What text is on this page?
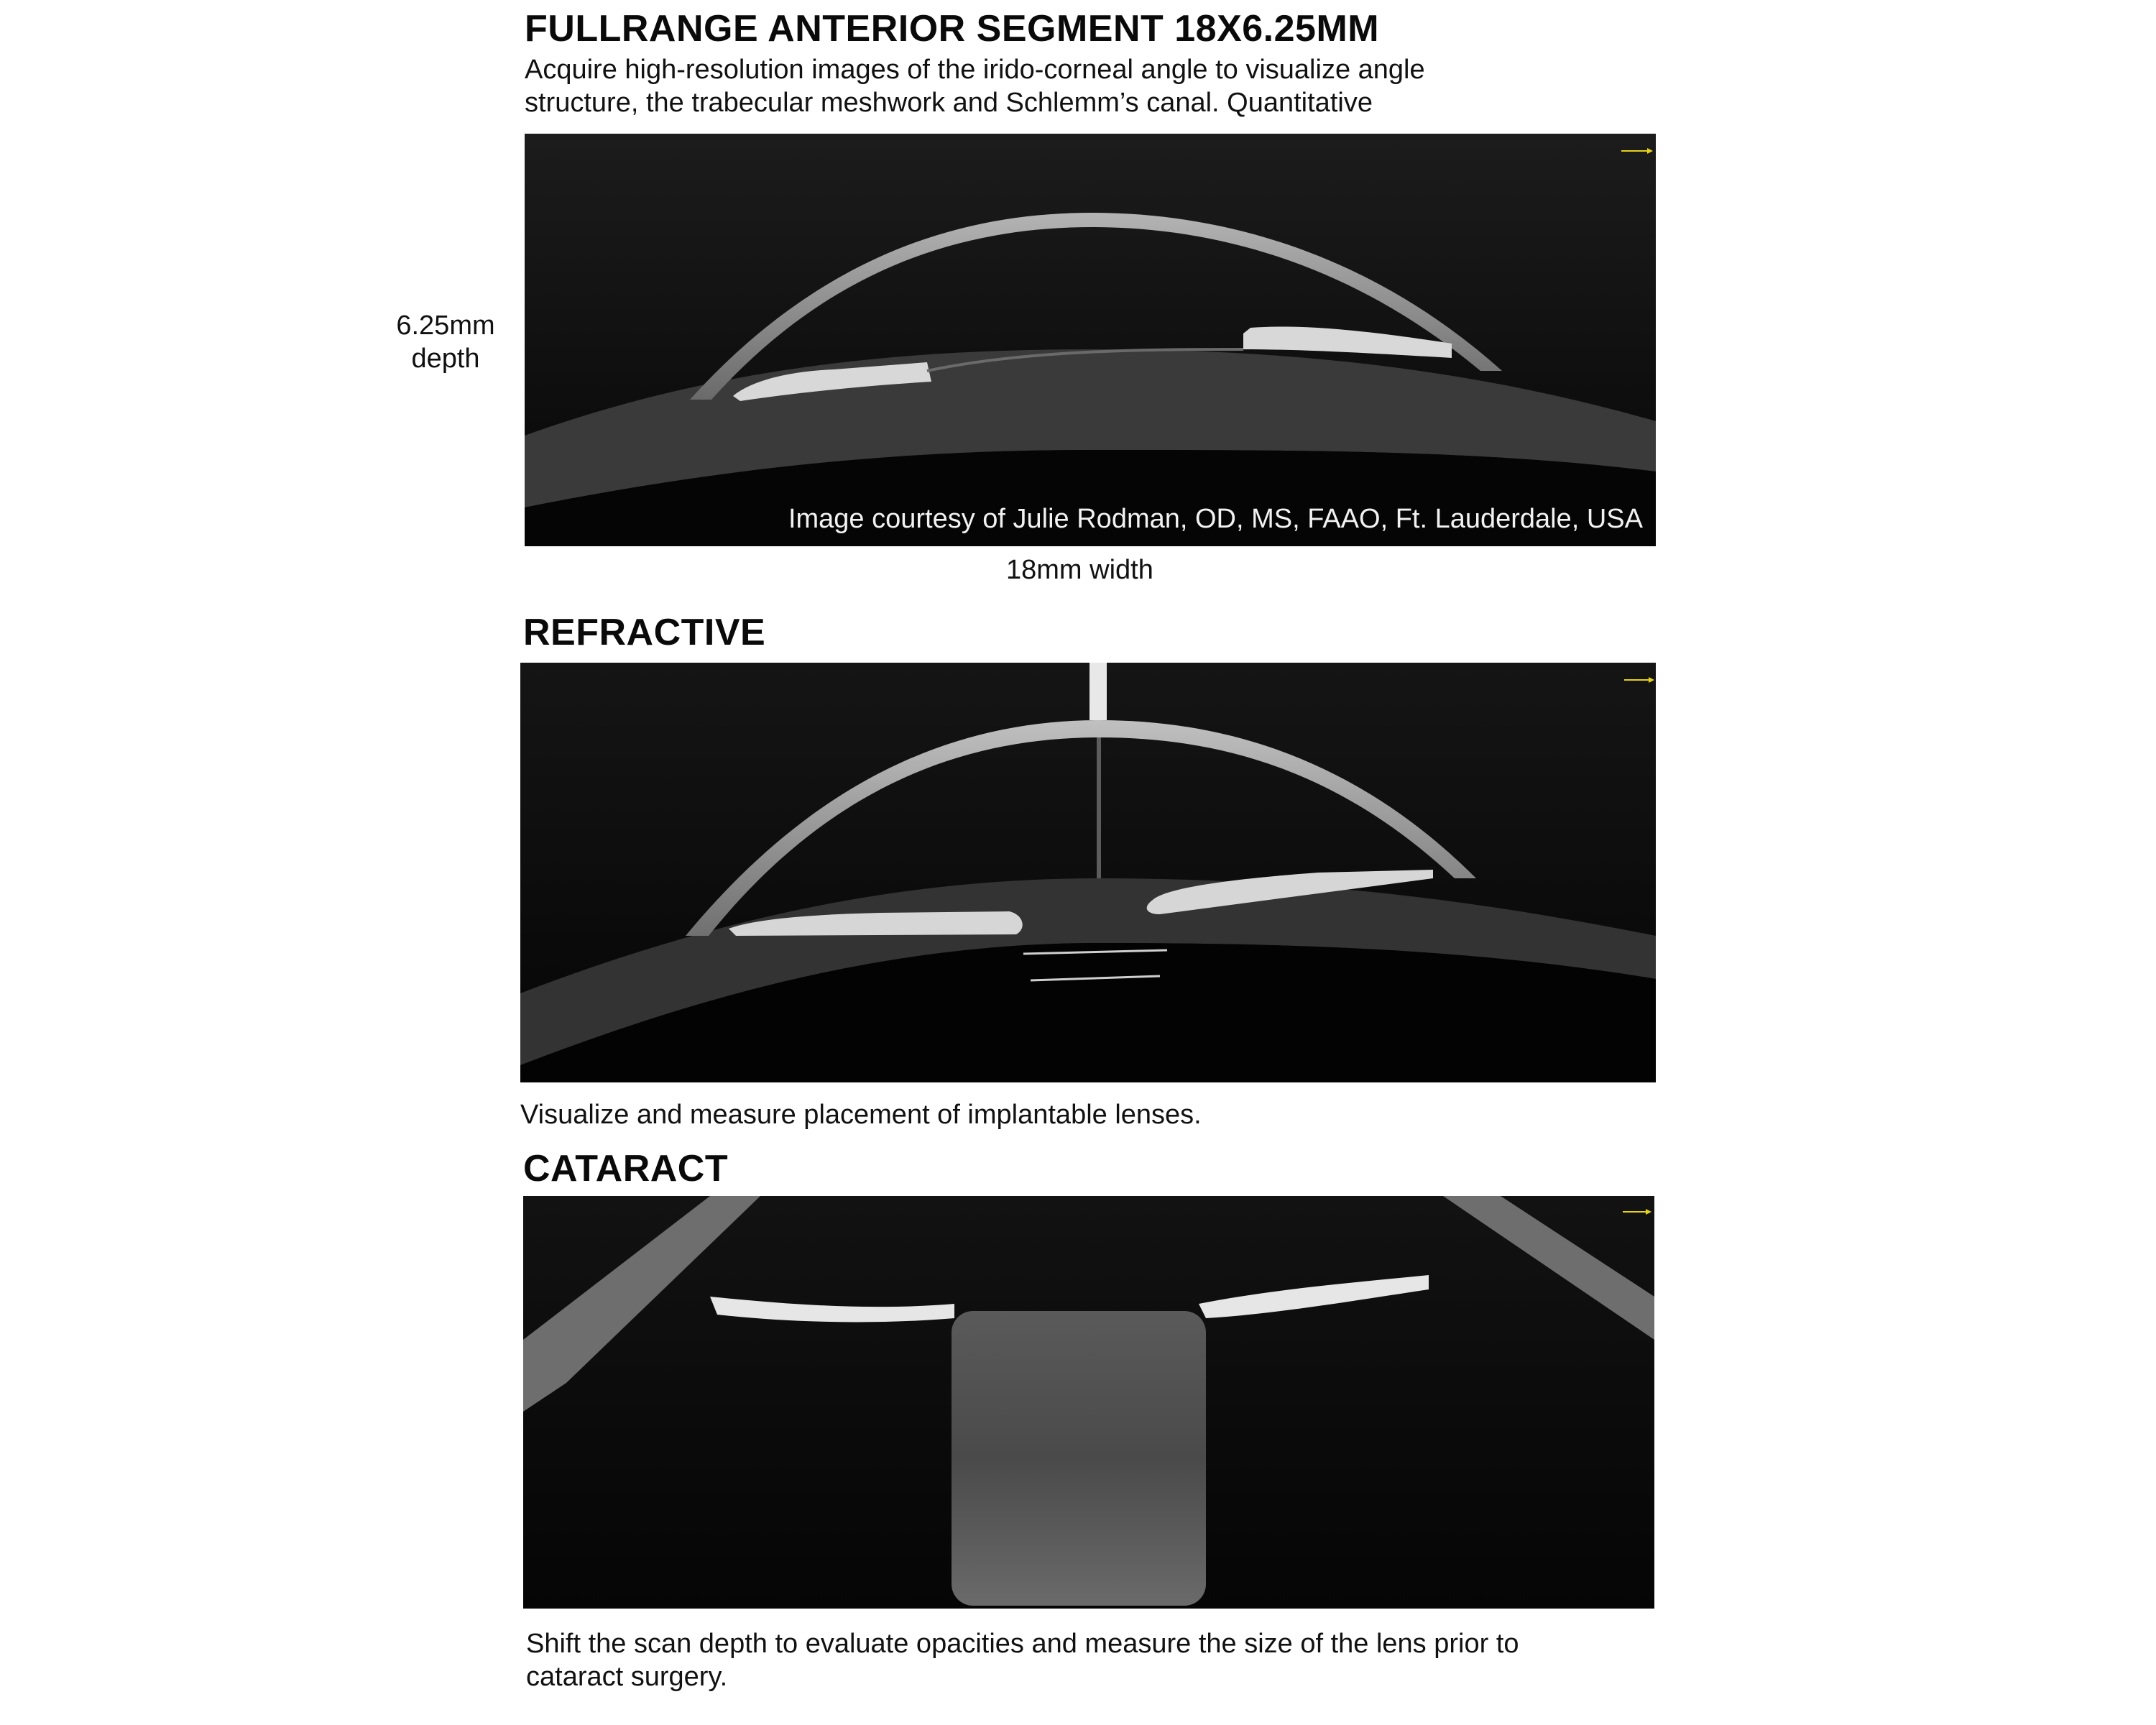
FULLRANGE ANTERIOR SEGMENT 18X6.25MM
Acquire high-resolution images of the irido-corneal angle to visualize angle
structure, the trabecular meshwork and Schlemm’s canal. Quantitative
6.25mm
depth
Image courtesy of Julie Rodman, OD, MS, FAAO, Ft. Lauderdale, USA
18mm width
REFRACTIVE
Visualize and measure placement of implantable lenses.
CATARACT
Shift the scan depth to evaluate opacities and measure the size of the lens prior to
cataract surgery.
